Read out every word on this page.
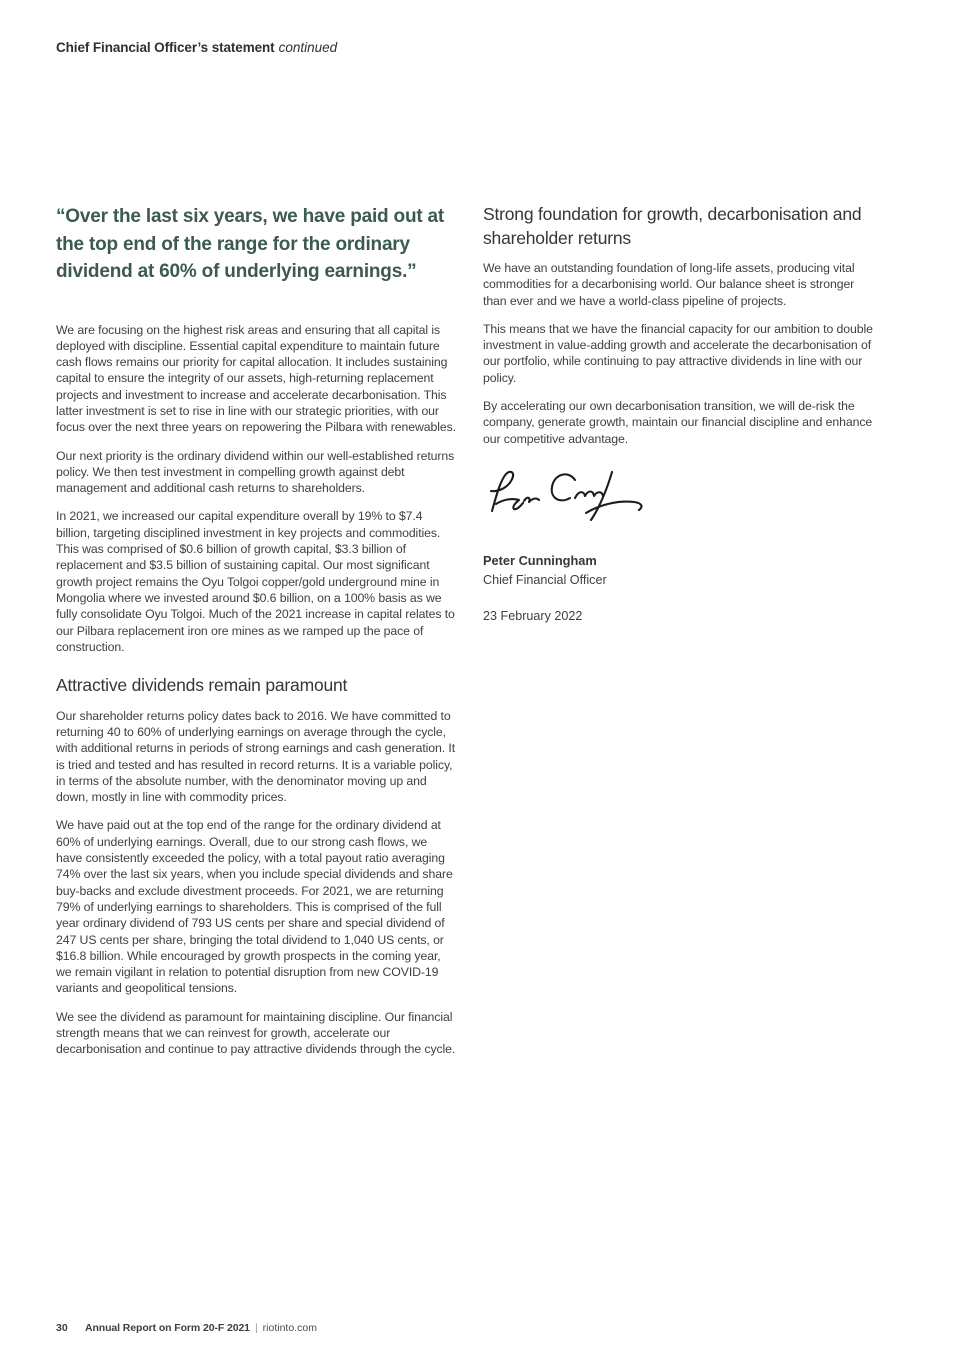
Chief Financial Officer’s statement continued
“Over the last six years, we have paid out at the top end of the range for the ordinary dividend at 60% of underlying earnings.”

We are focusing on the highest risk areas and ensuring that all capital is deployed with discipline. Essential capital expenditure to maintain future cash flows remains our priority for capital allocation. It includes sustaining capital to ensure the integrity of our assets, high-returning replacement projects and investment to increase and accelerate decarbonisation. This latter investment is set to rise in line with our strategic priorities, with our focus over the next three years on repowering the Pilbara with renewables.

Our next priority is the ordinary dividend within our well-established returns policy. We then test investment in compelling growth against debt management and additional cash returns to shareholders.

In 2021, we increased our capital expenditure overall by 19% to $7.4 billion, targeting disciplined investment in key projects and commodities. This was comprised of $0.6 billion of growth capital, $3.3 billion of replacement and $3.5 billion of sustaining capital. Our most significant growth project remains the Oyu Tolgoi copper/gold underground mine in Mongolia where we invested around $0.6 billion, on a 100% basis as we fully consolidate Oyu Tolgoi. Much of the 2021 increase in capital relates to our Pilbara replacement iron ore mines as we ramped up the pace of construction.

Attractive dividends remain paramount

Our shareholder returns policy dates back to 2016. We have committed to returning 40 to 60% of underlying earnings on average through the cycle, with additional returns in periods of strong earnings and cash generation. It is tried and tested and has resulted in record returns. It is a variable policy, in terms of the absolute number, with the denominator moving up and down, mostly in line with commodity prices.

We have paid out at the top end of the range for the ordinary dividend at 60% of underlying earnings. Overall, due to our strong cash flows, we have consistently exceeded the policy, with a total payout ratio averaging 74% over the last six years, when you include special dividends and share buy-backs and exclude divestment proceeds. For 2021, we are returning 79% of underlying earnings to shareholders. This is comprised of the full year ordinary dividend of 793 US cents per share and special dividend of 247 US cents per share, bringing the total dividend to 1,040 US cents, or $16.8 billion. While encouraged by growth prospects in the coming year, we remain vigilant in relation to potential disruption from new COVID-19 variants and geopolitical tensions.

We see the dividend as paramount for maintaining discipline. Our financial strength means that we can reinvest for growth, accelerate our decarbonisation and continue to pay attractive dividends through the cycle.

Strong foundation for growth, decarbonisation and shareholder returns

We have an outstanding foundation of long-life assets, producing vital commodities for a decarbonising world. Our balance sheet is stronger than ever and we have a world-class pipeline of projects.

This means that we have the financial capacity for our ambition to double investment in value-adding growth and accelerate the decarbonisation of our portfolio, while continuing to pay attractive dividends in line with our policy.

By accelerating our own decarbonisation transition, we will de-risk the company, generate growth, maintain our financial discipline and enhance our competitive advantage.

Peter Cunningham

Chief Financial Officer

23 February 2022

30	Annual Report on Form 20-F 2021 | riotinto.com
